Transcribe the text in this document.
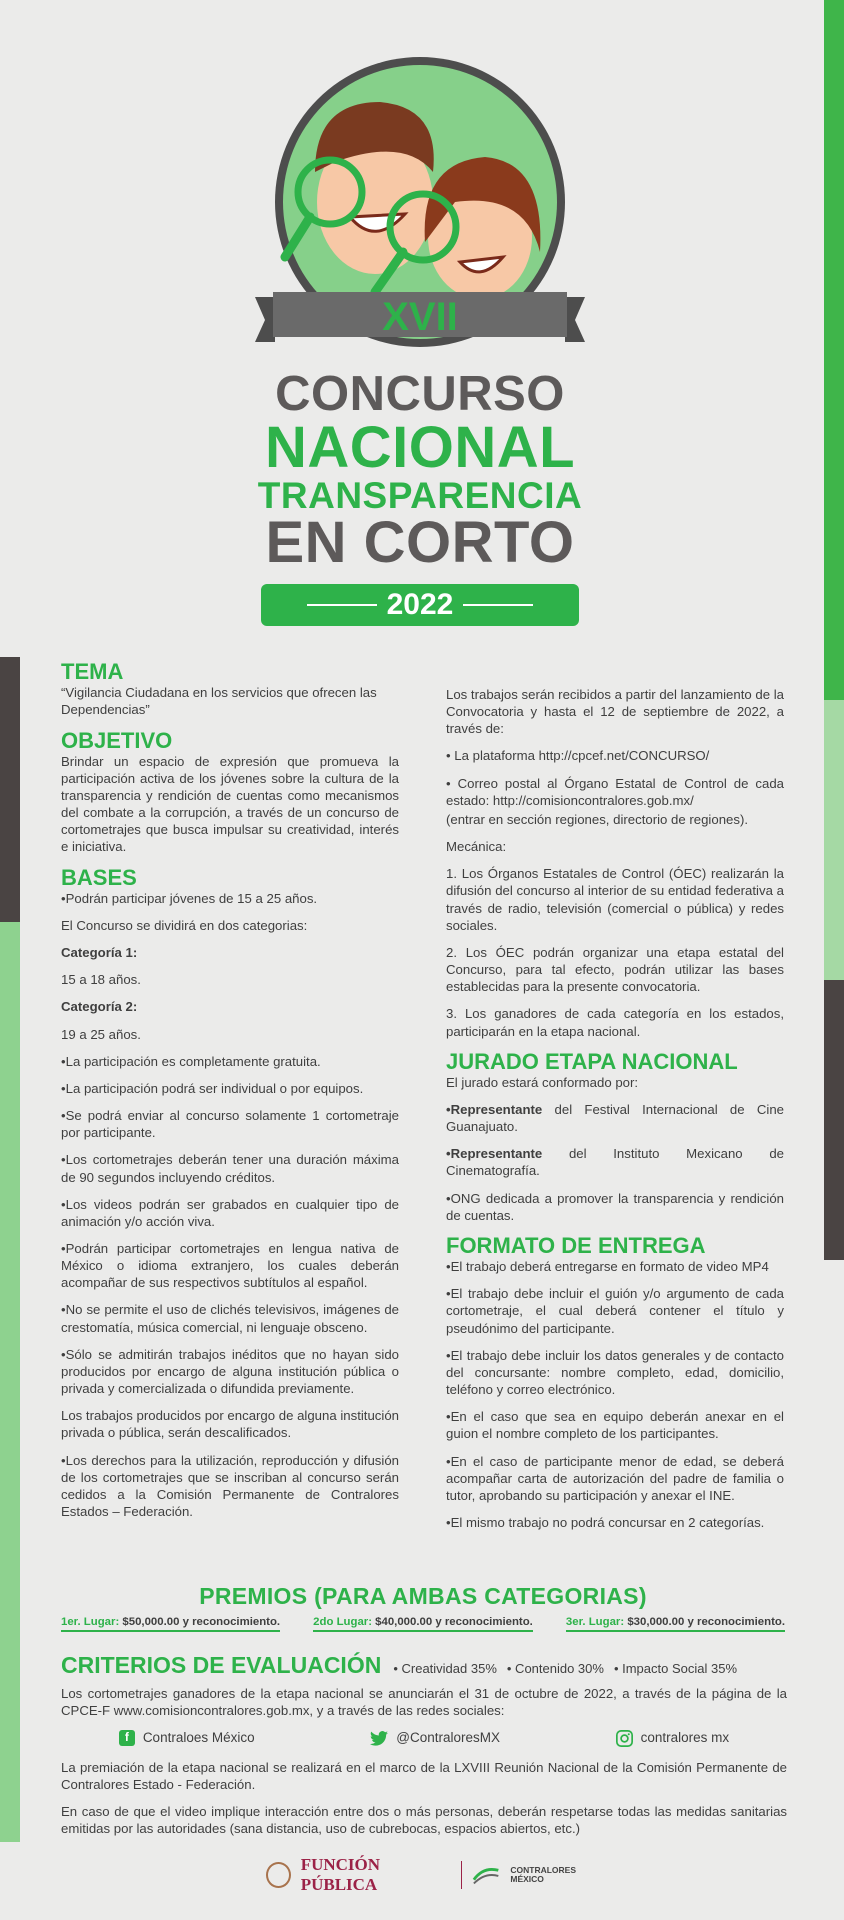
XVII
CONCURSO
NACIONAL
TRANSPARENCIA
EN CORTO
2022
TEMA
“Vigilancia Ciudadana en los servicios que ofrecen las Dependencias”
OBJETIVO
Brindar un espacio de expresión que promueva la participación activa de los jóvenes sobre la cultura de la transparencia y rendición de cuentas como mecanismos del combate a la corrupción, a través de un concurso de cortometrajes que busca impulsar su creatividad, interés e iniciativa.
BASES
•Podrán participar jóvenes de 15 a 25 años.
El Concurso se dividirá en dos categorias:
Categoría 1:
15 a 18 años.
Categoría 2:
19 a 25 años.
•La participación es completamente gratuita.
•La participación podrá ser individual o por equipos.
•Se podrá enviar al concurso solamente 1 cortometraje por participante.
•Los cortometrajes deberán tener una duración máxima de 90 segundos incluyendo créditos.
•Los videos podrán ser grabados en cualquier tipo de animación y/o acción viva.
•Podrán participar cortometrajes en lengua nativa de México o idioma extranjero, los cuales deberán acompañar de sus respectivos subtítulos al español.
•No se permite el uso de clichés televisivos, imágenes de crestomatía, música comercial, ni lenguaje obsceno.
•Sólo se admitirán trabajos inéditos que no hayan sido producidos por encargo de alguna institución pública o privada y comercializada o difundida previamente.
Los trabajos producidos por encargo de alguna institución privada o pública, serán descalificados.
•Los derechos para la utilización, reproducción y difusión de los cortometrajes que se inscriban al concurso serán cedidos a la Comisión Permanente de Contralores Estados – Federación.
Los trabajos serán recibidos a partir del lanzamiento de la Convocatoria y hasta el 12 de septiembre de 2022, a través de:
• La plataforma http://cpcef.net/CONCURSO/
• Correo postal al Órgano Estatal de Control de cada estado: http://comisioncontralores.gob.mx/
(entrar en sección regiones, directorio de regiones).
Mecánica:
1. Los Órganos Estatales de Control (ÓEC) realizarán la difusión del concurso al interior de su entidad federativa a través de radio, televisión (comercial o pública) y redes sociales.
2. Los ÓEC podrán organizar una etapa estatal del Concurso, para tal efecto, podrán utilizar las bases establecidas para la presente convocatoria.
3. Los ganadores de cada categoría en los estados, participarán en la etapa nacional.
JURADO ETAPA NACIONAL
El jurado estará conformado por:
•Representante del Festival Internacional de Cine Guanajuato.
•Representante del Instituto Mexicano de Cinematografía.
•ONG dedicada a promover la transparencia y rendición de cuentas.
FORMATO DE ENTREGA
•El trabajo deberá entregarse en formato de video MP4
•El trabajo debe incluir el guión y/o argumento de cada cortometraje, el cual deberá contener el título y pseudónimo del participante.
•El trabajo debe incluir los datos generales y de contacto del concursante: nombre completo, edad, domicilio, teléfono y correo electrónico.
•En el caso que sea en equipo deberán anexar en el guion el nombre completo de los participantes.
•En el caso de participante menor de edad, se deberá acompañar carta de autorización del padre de familia o tutor, aprobando su participación y anexar el INE.
•El mismo trabajo no podrá concursar en 2 categorías.
PREMIOS (PARA AMBAS CATEGORIAS)
1er. Lugar: $50,000.00 y reconocimiento.	2do Lugar: $40,000.00 y reconocimiento.	3er. Lugar: $30,000.00 y reconocimiento.
CRITERIOS DE EVALUACIÓN • Creatividad 35% • Contenido 30% • Impacto Social 35%
Los cortometrajes ganadores de la etapa nacional se anunciarán el 31 de octubre de 2022, a través de la página de la CPCE-F www.comisioncontralores.gob.mx, y a través de las redes sociales:
f	Contraloes México	@ContraloresMX	contralores mx
La premiación de la etapa nacional se realizará en el marco de la LXVIII Reunión Nacional de la Comisión Permanente de Contralores Estado - Federación.
En caso de que el video implique interacción entre dos o más personas, deberán respetarse todas las medidas sanitarias emitidas por las autoridades (sana distancia, uso de cubrebocas, espacios abiertos, etc.)
FUNCIÓN PÚBLICA
CONTRALORES
MÉXICO
